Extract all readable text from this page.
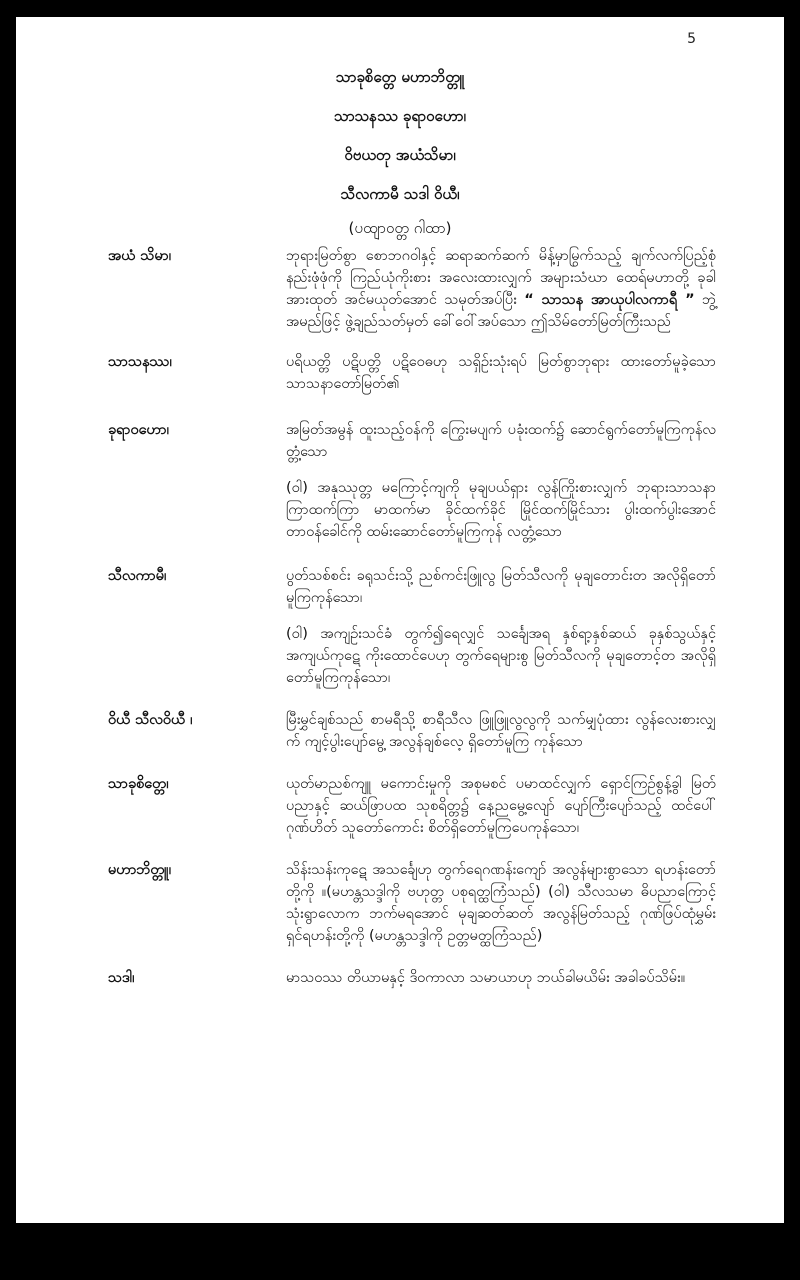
5
သာခုစိတ္တေ မဟာဘိတ္တူ
သာသနဿ ခုရာဝဟော၊
ဝိဗယတု အယံသိမာ၊
သီလကာမီ သဒါ ဝိယီ၊
(ပထျာဝတ္တ ဂါထာ)
အယံ သိမာ၊	ဘုရားမြတ်စွာ စောဘဂဝါနှင့် ဆရာဆက်ဆက် မိန့်မှာမြွက်သည့် ချက်လက်ပြည့်စုံ နည်းဖုံဖုံကို ကြည်ယုံကိုးစား အလေးထားလျှက် အများသံဃာ ထေရ်မဟာတို့ ခုခါအားထုတ် အင်မယုတ်အောင် သမုတ်အပ်ပြီး “ သာသန အာယုပါလကာရီ ” ဘွဲ့အမည်ဖြင့် ဖွဲ့ချည်သတ်မှတ် ခေါ်ဝေါ်အပ်သော ဤသိမ်တော်မြတ်ကြီးသည်

သာသနဿ၊	ပရိယတ္တိ ပဋိပတ္တိ ပဋိဝေဓဟု သရှိဉ်းသုံးရပ် မြတ်စွာဘုရား ထားတော်မူခဲ့သော သာသနာတော်မြတ်၏

ခုရာဝဟော၊	အမြတ်အမွန် ထူးသည့်ဝန်ကို ကြွေးမပျက် ပခုံးထက်၌ ဆောင်ရွက်တော်မူကြကုန်လတ္တံ့သော

(ဝါ) အနုဿုတ္တ မကြောင့်ကျကို မုချပယ်ရှား လွန်ကြိုးစားလျှက် ဘုရားသာသနာ ကြာထက်ကြာ မာထက်မာ ခိုင်ထက်ခိုင် မြိုင်ထက်မြိုင်သား ပွါးထက်ပွါးအောင် တာဝန်ခေါင်ကို ထမ်းဆောင်တော်မူကြကုန် လတ္တံ့သော

သီလကာမီ၊	ပွတ်သစ်စင်း ခရုသင်းသို့ ညစ်ကင်းဖြူလွ မြတ်သီလကို မုချတောင်းတ အလိုရှိတော်မူကြကုန်သော၊

(ဝါ) အကျဉ်းသင်ခံ တွက်၍ရေလျှင် သင်္ချေအရ နှစ်ရာ့နှစ်ဆယ် ခုနှစ်သွယ်နှင့် အကျယ်ကုဋေ ကိုးထောင်ပေဟု တွက်ရေများစွ မြတ်သီလကို မုချတောင့်တ အလိုရှိတော်မူကြကုန်သော၊

ဝိယီ သီလဝိယီ ၊	မြီးမွှင်ချစ်သည် စာမရီသို့ စာရီသီလ ဖြူဖြူလွလွကို သက်မျှပုံထား လွန်လေးစားလျှက် ကျင့်ပွါးပျော်မွေ့ အလွန်ချစ်လေ့ ရှိတော်မူကြ ကုန်သော

သာခုစိတ္တေ၊	ယုတ်မာညစ်ကျူ မကောင်းမှုကို အစုမစင် ပမာထင်လျှက် ရှောင်ကြဉ်စွန့်ခွါ မြတ်ပညာနှင့် ဆယ်ဖြာပထ သုစရိတ္တ၌ နေ့ညမွေ့လျော် ပျော်ကြီးပျော်သည့် ထင်ပေါ်ဂုဏ်ဟိတ် သူတော်ကောင်း စိတ်ရှိတော်မူကြပေကုန်သော၊

မဟာဘိတ္တူ၊	သိန်းသန်းကုဋေ အသင်္ချေဟု တွက်ရေဂဏန်းကျော် အလွန်များစွာသော ရဟန်းတော်တို့ကို ။(မဟန္တသဒ္ဒါကို ဗဟုတ္တ ပစုရတ္ထကြံသည်) (ဝါ) သီလသမာ ဓိပညာကြောင့် သုံးရွာလောက ဘက်မရအောင် မုချဆတ်ဆတ် အလွန်မြတ်သည့် ဂုဏ်ဖြပ်ထုံမွှမ်း ရှင်ရဟန်းတို့ကို (မဟန္တသဒ္ဒါကို ဥတ္တမတ္ထကြံသည်)

သဒါ၊	မာသဝဿ တိယာမနှင့် ဒိဝကာလာ သမာယာဟု ဘယ်ခါမယိမ်း အခါခပ်သိမ်း။
